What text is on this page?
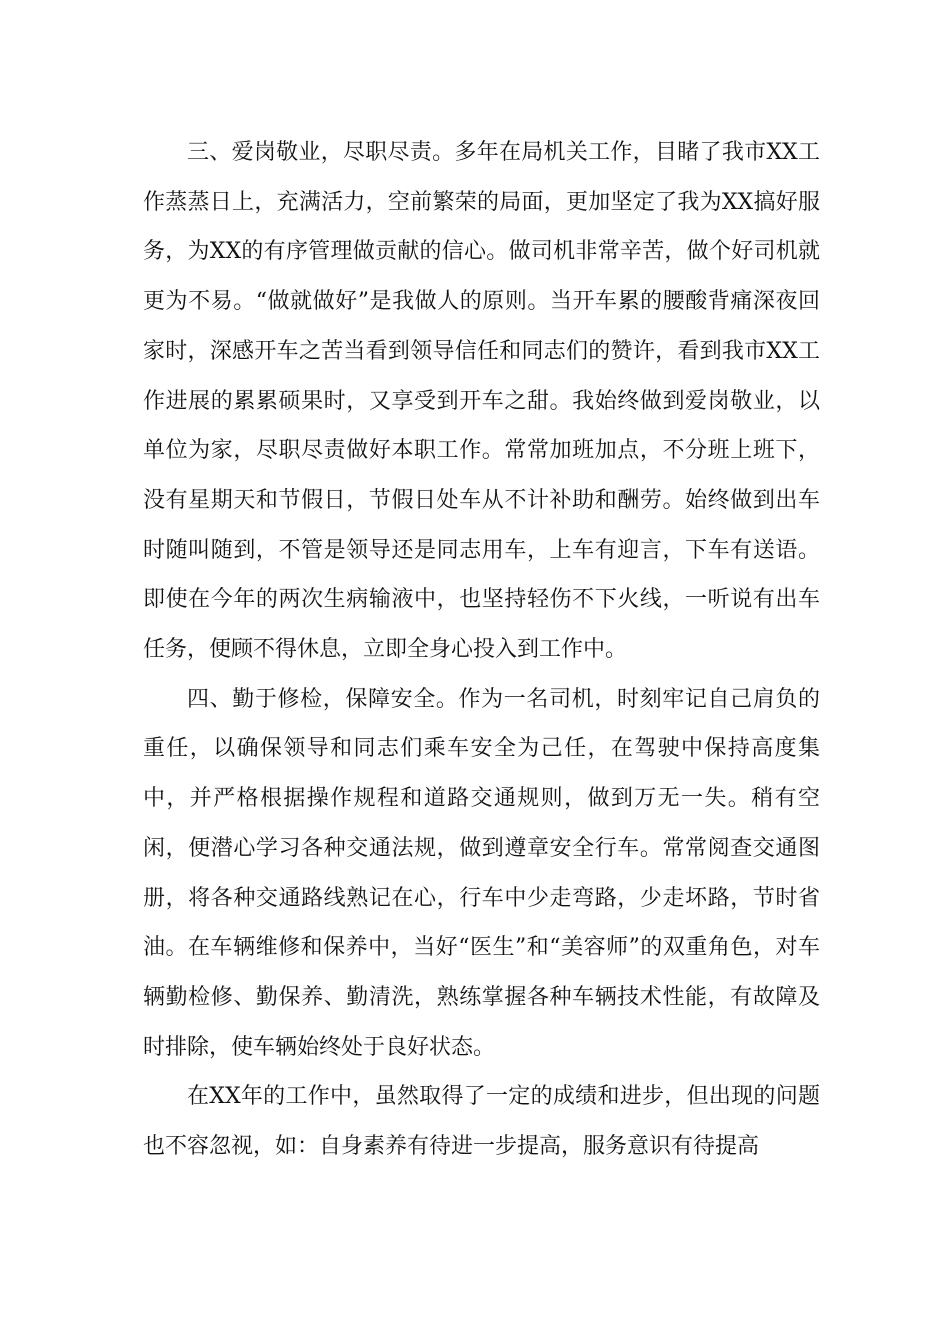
三、爱岗敬业，尽职尽责。多年在局机关工作，目睹了我市XX工作蒸蒸日上，充满活力，空前繁荣的局面，更加坚定了我为XX搞好服务，为XX的有序管理做贡献的信心。做司机非常辛苦，做个好司机就更为不易。“做就做好”是我做人的原则。当开车累的腰酸背痛深夜回家时，深感开车之苦当看到领导信任和同志们的赞许，看到我市XX工作进展的累累硕果时，又享受到开车之甜。我始终做到爱岗敬业，以单位为家，尽职尽责做好本职工作。常常加班加点，不分班上班下，没有星期天和节假日，节假日处车从不计补助和酬劳。始终做到出车时随叫随到，不管是领导还是同志用车，上车有迎言，下车有送语。即使在今年的两次生病输液中，也坚持轻伤不下火线，一听说有出车任务，便顾不得休息，立即全身心投入到工作中。

四、勤于修检，保障安全。作为一名司机，时刻牢记自己肩负的重任，以确保领导和同志们乘车安全为己任，在驾驶中保持高度集中，并严格根据操作规程和道路交通规则，做到万无一失。稍有空闲，便潜心学习各种交通法规，做到遵章安全行车。常常阅查交通图册，将各种交通路线熟记在心，行车中少走弯路，少走坏路，节时省油。在车辆维修和保养中，当好“医生”和“美容师”的双重角色，对车辆勤检修、勤保养、勤清洗，熟练掌握各种车辆技术性能，有故障及时排除，使车辆始终处于良好状态。

在XX年的工作中，虽然取得了一定的成绩和进步，但出现的问题也不容忽视，如：自身素养有待进一步提高，服务意识有待提高
